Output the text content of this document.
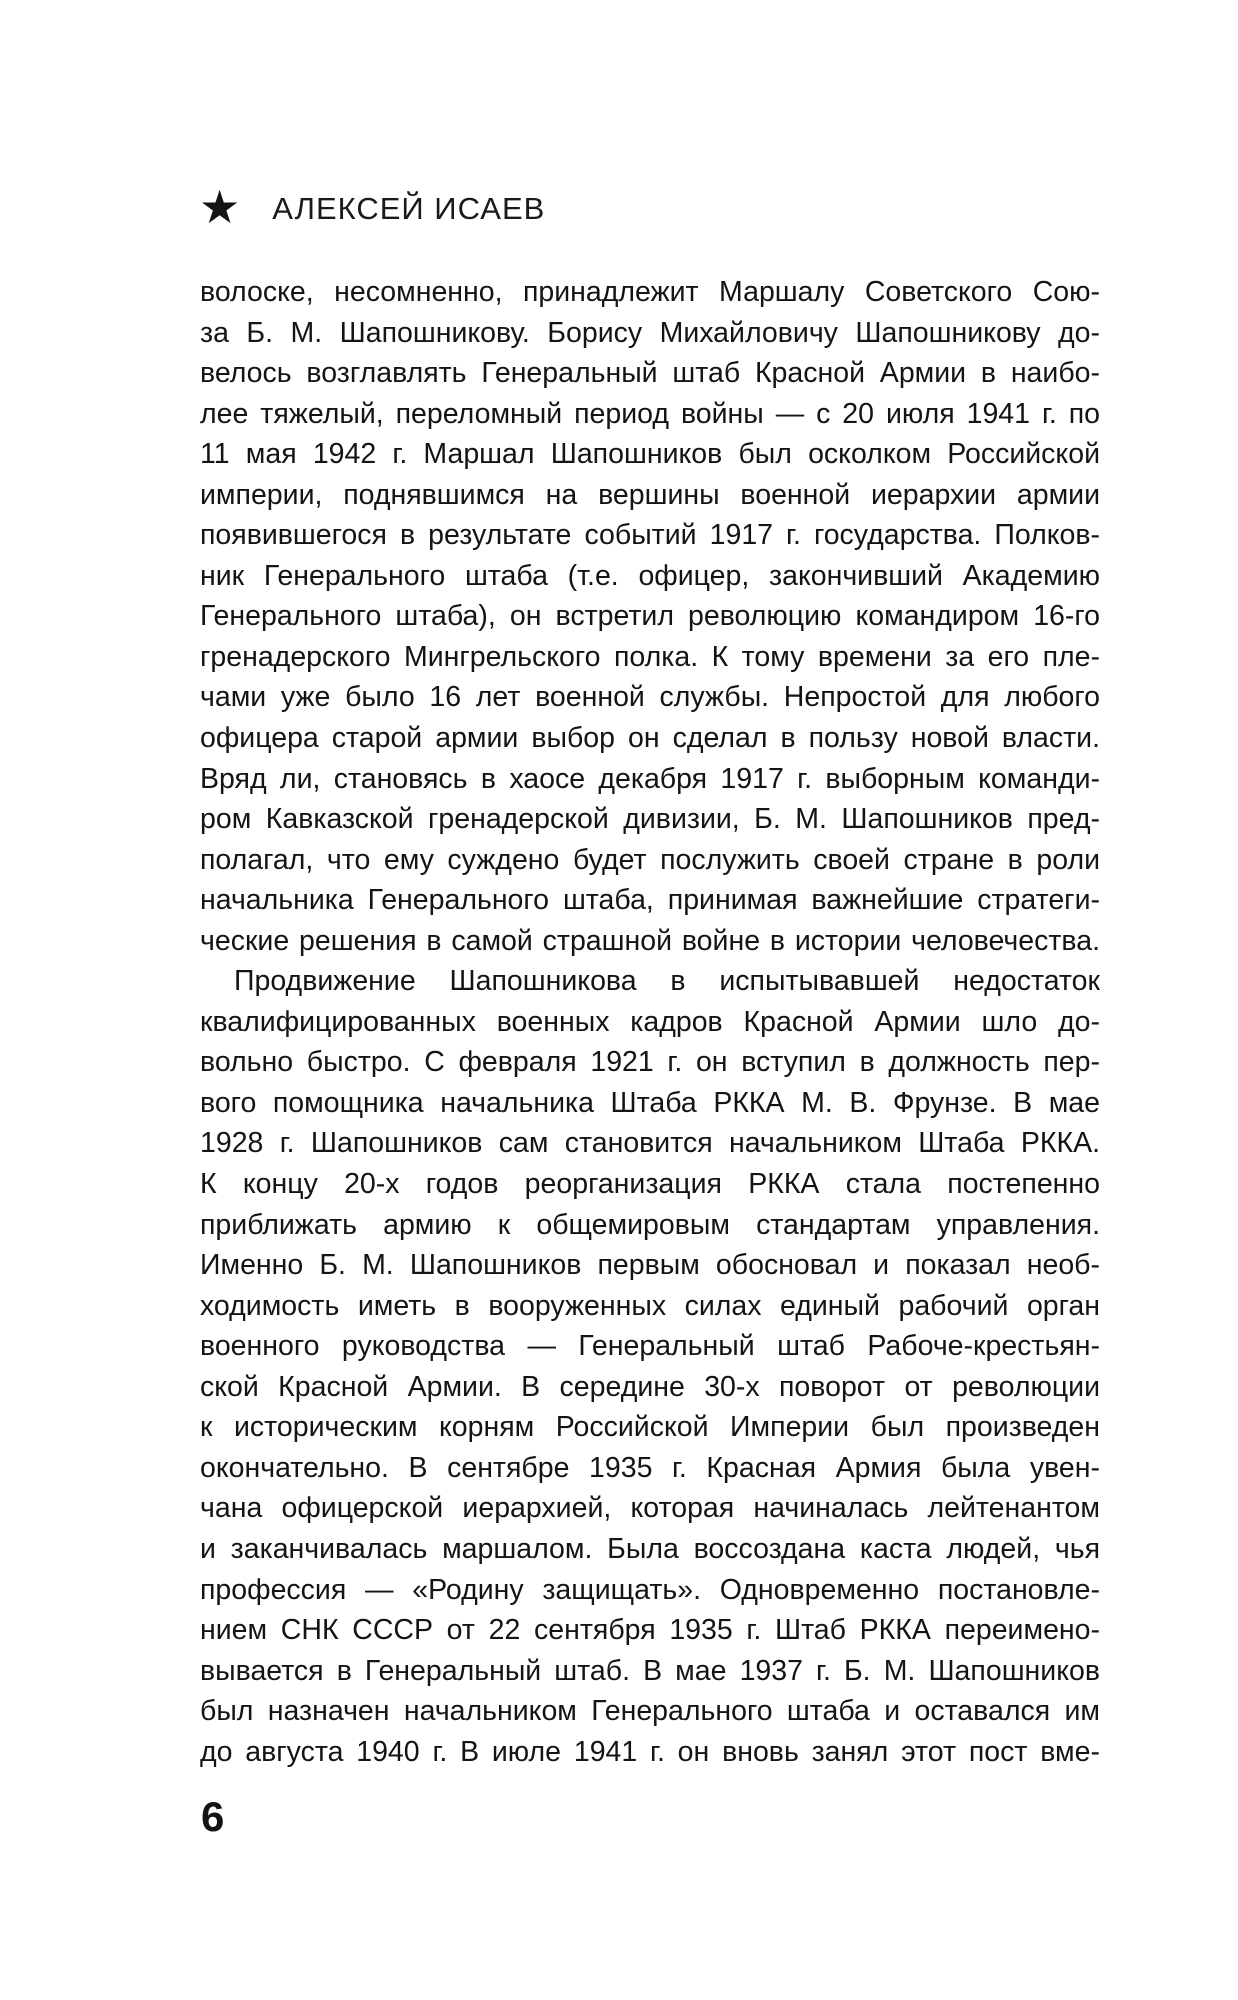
★ АЛЕКСЕЙ ИСАЕВ
волоске, несомненно, принадлежит Маршалу Советского Сою-
за Б. М. Шапошникову. Борису Михайловичу Шапошникову до-
велось возглавлять Генеральный штаб Красной Армии в наибо-
лее тяжелый, переломный период войны — с 20 июля 1941 г. по
11 мая 1942 г. Маршал Шапошников был осколком Российской
империи, поднявшимся на вершины военной иерархии армии
появившегося в результате событий 1917 г. государства. Полков-
ник Генерального штаба (т.е. офицер, закончивший Академию
Генерального штаба), он встретил революцию командиром 16-го
гренадерского Мингрельского полка. К тому времени за его пле-
чами уже было 16 лет военной службы. Непростой для любого
офицера старой армии выбор он сделал в пользу новой власти.
Вряд ли, становясь в хаосе декабря 1917 г. выборным команди-
ром Кавказской гренадерской дивизии, Б. М. Шапошников пред-
полагал, что ему суждено будет послужить своей стране в роли
начальника Генерального штаба, принимая важнейшие стратеги-
ческие решения в самой страшной войне в истории человечества.
Продвижение Шапошникова в испытывавшей недостаток
квалифицированных военных кадров Красной Армии шло до-
вольно быстро. С февраля 1921 г. он вступил в должность пер-
вого помощника начальника Штаба РККА М. В. Фрунзе. В мае
1928 г. Шапошников сам становится начальником Штаба РККА.
К концу 20-х годов реорганизация РККА стала постепенно
приближать армию к общемировым стандартам управления.
Именно Б. М. Шапошников первым обосновал и показал необ-
ходимость иметь в вооруженных силах единый рабочий орган
военного руководства — Генеральный штаб Рабоче-крестьян-
ской Красной Армии. В середине 30-х поворот от революции
к историческим корням Российской Империи был произведен
окончательно. В сентябре 1935 г. Красная Армия была увен-
чана офицерской иерархией, которая начиналась лейтенантом
и заканчивалась маршалом. Была воссоздана каста людей, чья
профессия — «Родину защищать». Одновременно постановле-
нием СНК СССР от 22 сентября 1935 г. Штаб РККА переимено-
вывается в Генеральный штаб. В мае 1937 г. Б. М. Шапошников
был назначен начальником Генерального штаба и оставался им
до августа 1940 г. В июле 1941 г. он вновь занял этот пост вме-
6
